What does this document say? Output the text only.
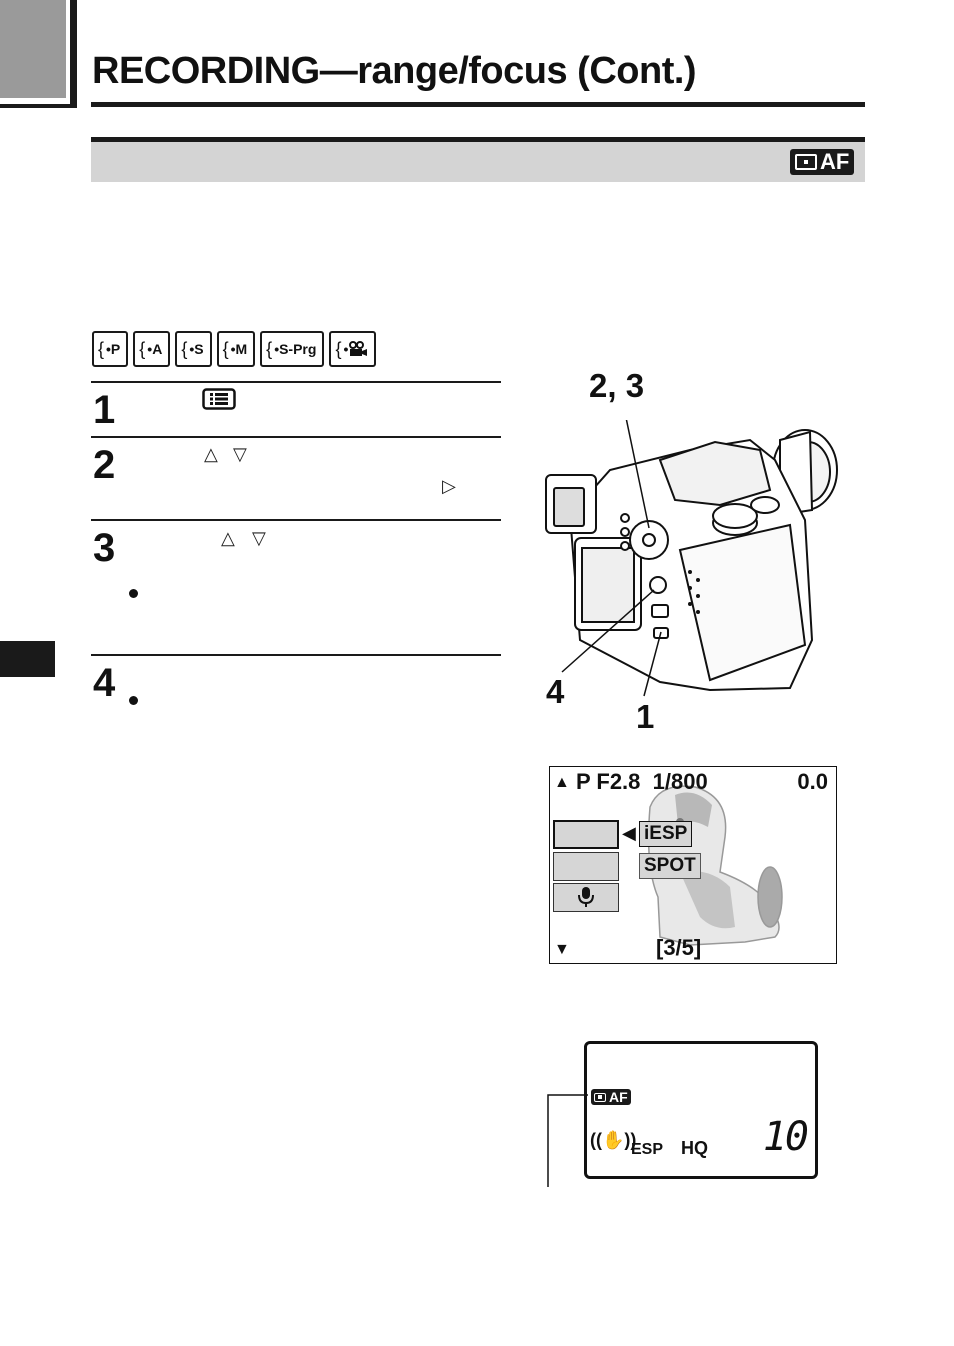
RECORDING—range/focus (Cont.)
AF
{ • P { • A { • S { • M { • S-Prg { •
1
2	△ ▽
▷
3	△ ▽
4
2, 3
4
1
▲ P F2.8 1/800	0.0
◀ iESP
SPOT
▼	[3/5]
AF
((✋))
ESP HQ 10
